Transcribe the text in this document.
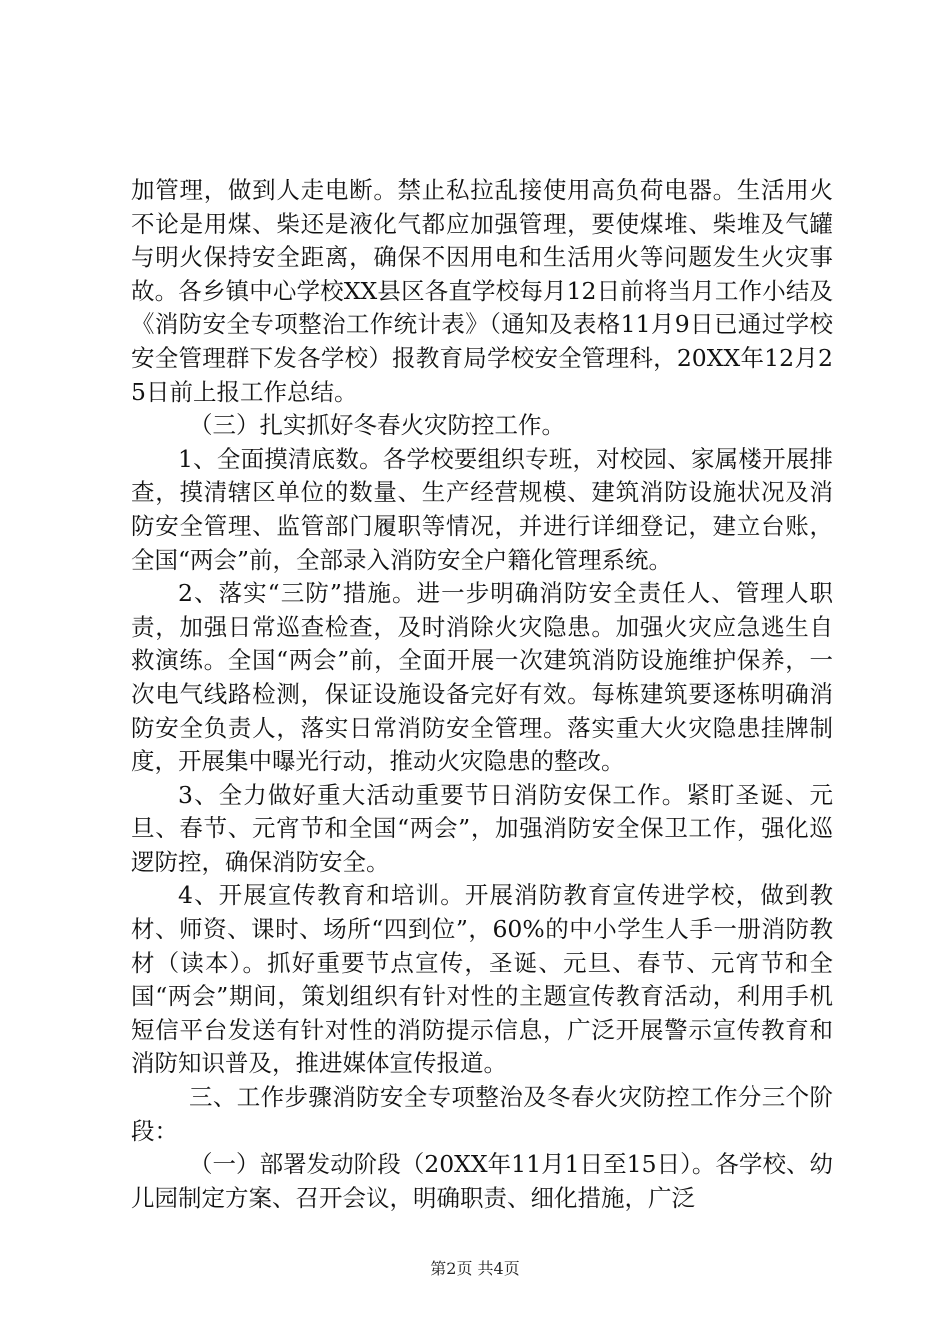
加管理，做到人走电断。禁止私拉乱接使用高负荷电器。生活用火不论是用煤、柴还是液化气都应加强管理，要使煤堆、柴堆及气罐与明火保持安全距离，确保不因用电和生活用火等问题发生火灾事故。各乡镇中心学校XX县区各直学校每月12日前将当月工作小结及《消防安全专项整治工作统计表》（通知及表格11月9日已通过学校安全管理群下发各学校）报教育局学校安全管理科，20XX年12月25日前上报工作总结。

（三）扎实抓好冬春火灾防控工作。

1、全面摸清底数。各学校要组织专班，对校园、家属楼开展排查，摸清辖区单位的数量、生产经营规模、建筑消防设施状况及消防安全管理、监管部门履职等情况，并进行详细登记，建立台账，全国“两会”前，全部录入消防安全户籍化管理系统。

2、落实“三防”措施。进一步明确消防安全责任人、管理人职责，加强日常巡查检查，及时消除火灾隐患。加强火灾应急逃生自救演练。全国“两会”前，全面开展一次建筑消防设施维护保养，一次电气线路检测，保证设施设备完好有效。每栋建筑要逐栋明确消防安全负责人，落实日常消防安全管理。落实重大火灾隐患挂牌制度，开展集中曝光行动，推动火灾隐患的整改。

3、全力做好重大活动重要节日消防安保工作。紧盯圣诞、元旦、春节、元宵节和全国“两会”，加强消防安全保卫工作，强化巡逻防控，确保消防安全。

4、开展宣传教育和培训。开展消防教育宣传进学校，做到教材、师资、课时、场所“四到位”，60%的中小学生人手一册消防教材（读本）。抓好重要节点宣传，圣诞、元旦、春节、元宵节和全国“两会”期间，策划组织有针对性的主题宣传教育活动，利用手机短信平台发送有针对性的消防提示信息，广泛开展警示宣传教育和消防知识普及，推进媒体宣传报道。

三、工作步骤消防安全专项整治及冬春火灾防控工作分三个阶段：

（一）部署发动阶段（20XX年11月1日至15日）。各学校、幼儿园制定方案、召开会议，明确职责、细化措施，广泛

第2页 共4页
